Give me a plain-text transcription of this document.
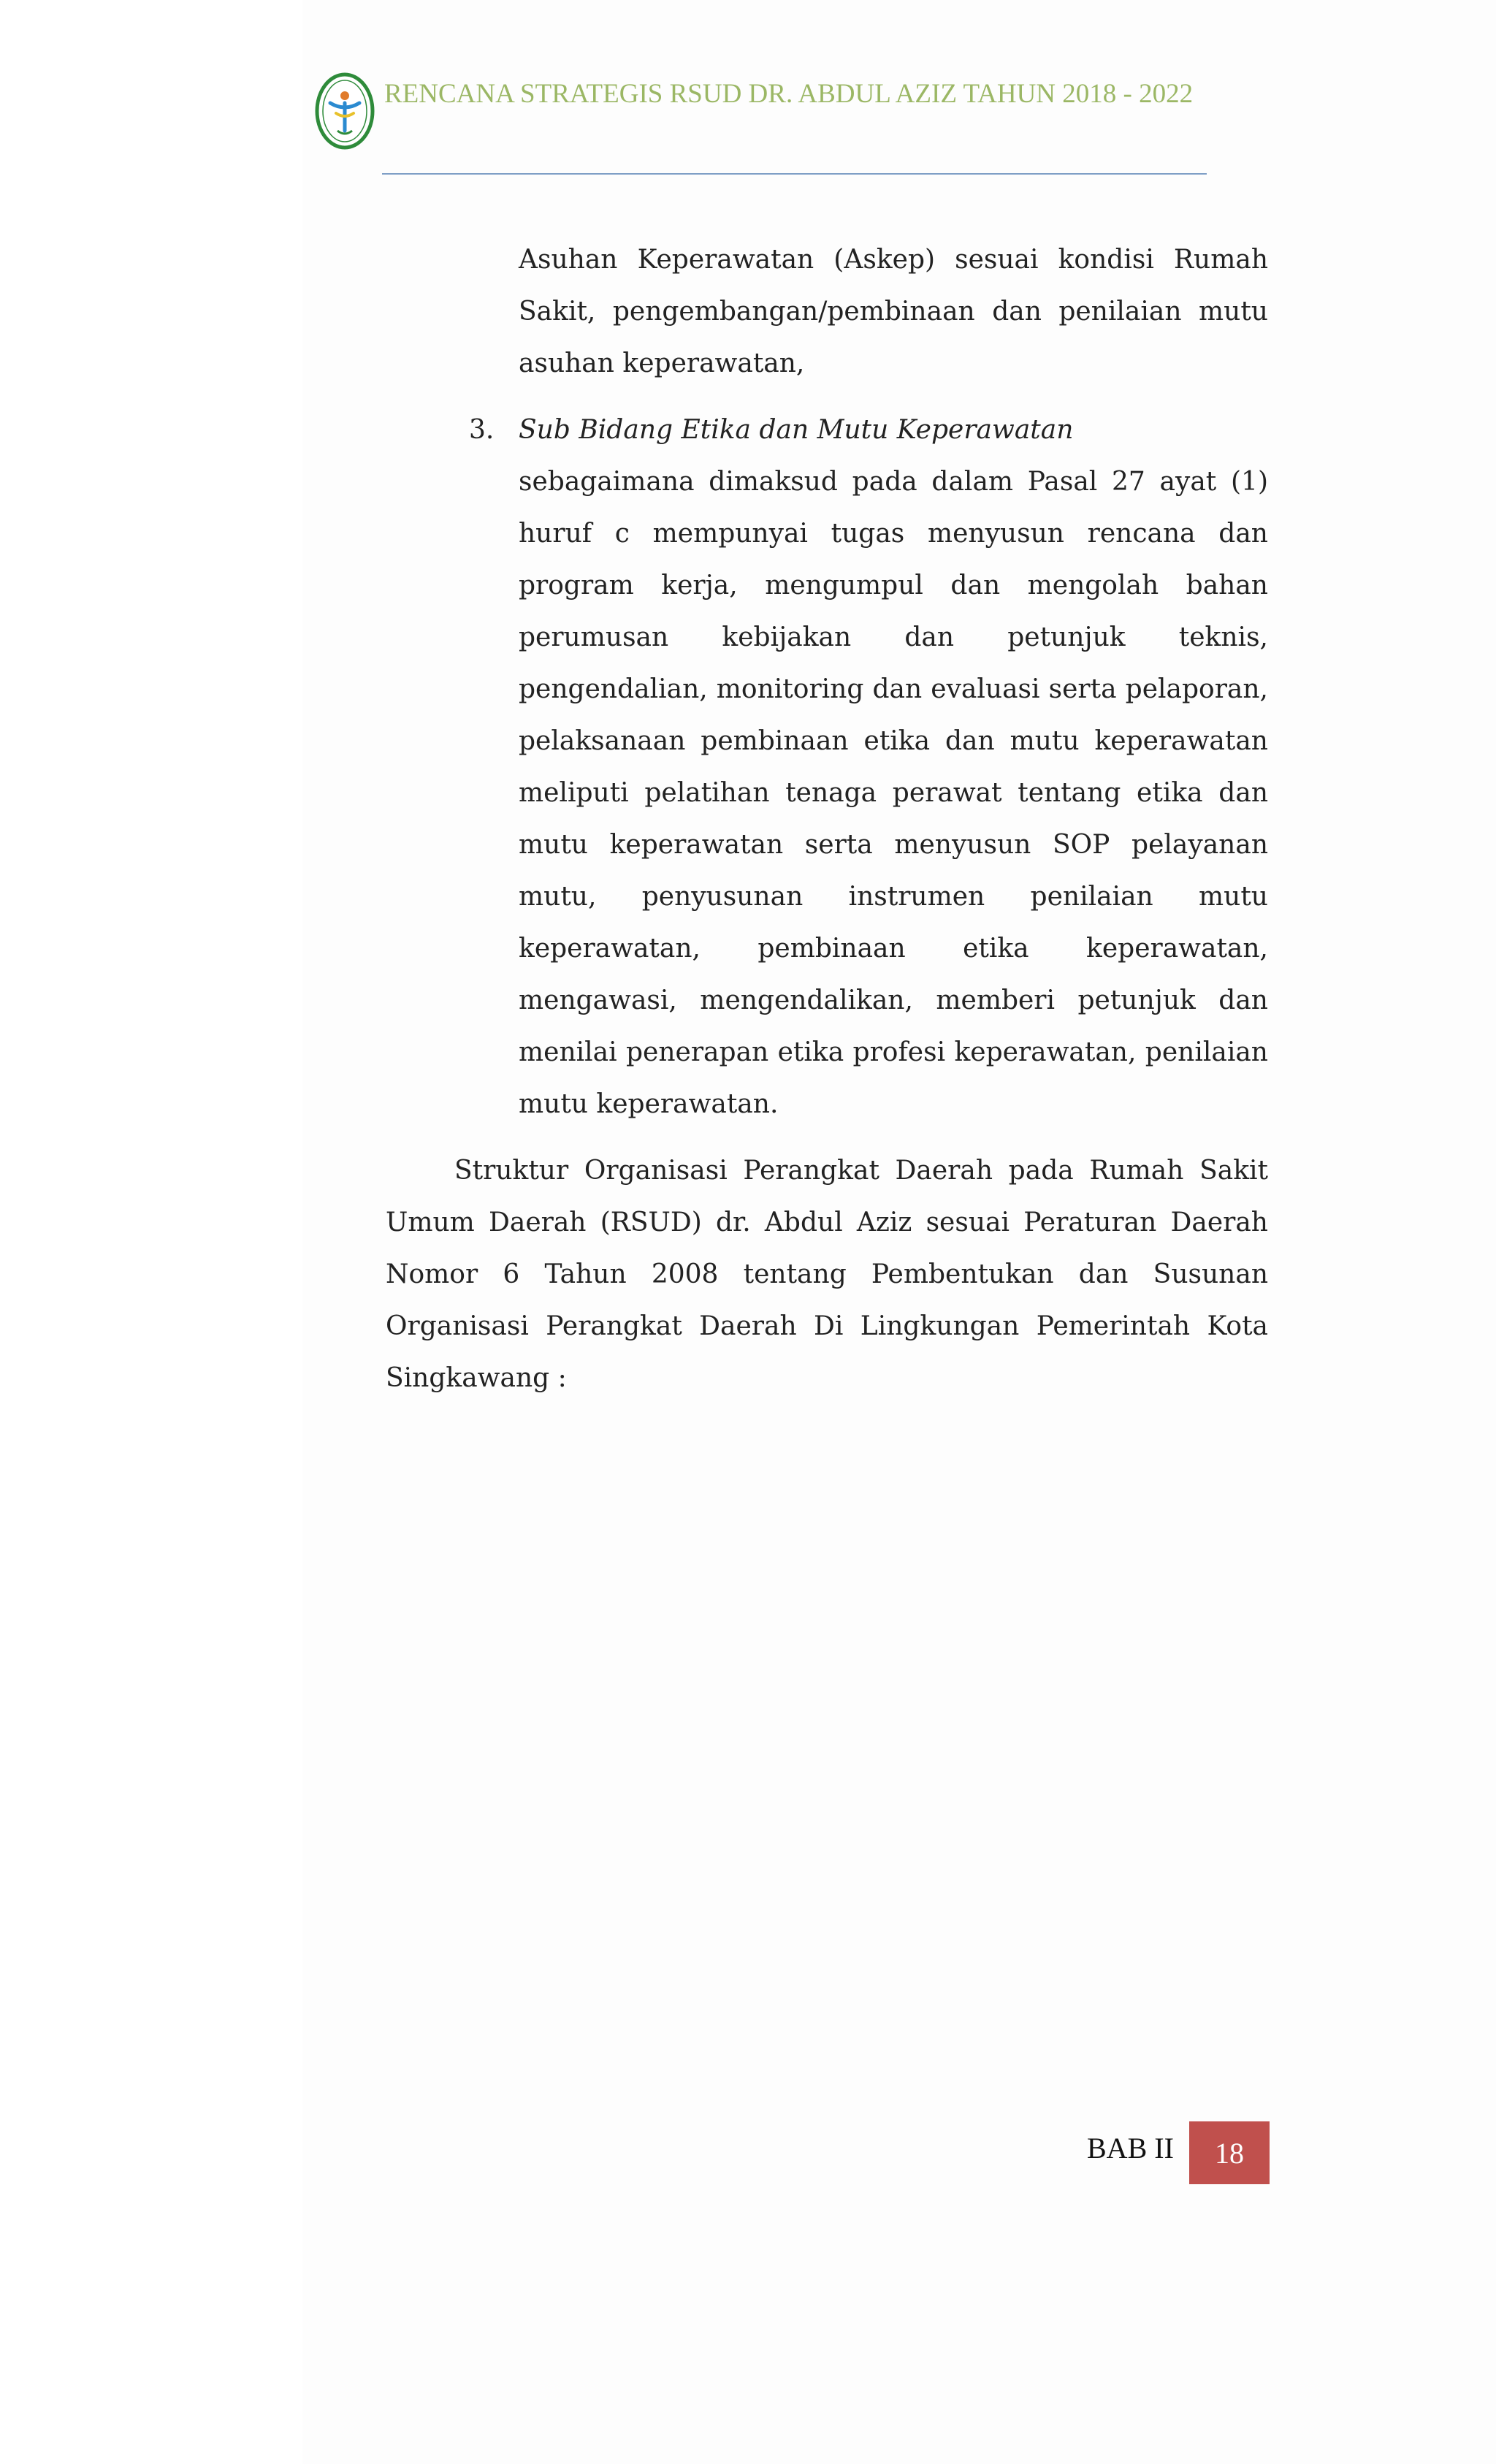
RENCANA STRATEGIS RSUD DR. ABDUL AZIZ TAHUN 2018 - 2022

Asuhan Keperawatan (Askep) sesuai kondisi Rumah Sakit, pengembangan/pembinaan dan penilaian mutu asuhan keperawatan,

3. Sub Bidang Etika dan Mutu Keperawatan
sebagaimana dimaksud pada dalam Pasal 27 ayat (1) huruf c mempunyai tugas menyusun rencana dan program kerja, mengumpul dan mengolah bahan perumusan kebijakan dan petunjuk teknis, pengendalian, monitoring dan evaluasi serta pelaporan, pelaksanaan pembinaan etika dan mutu keperawatan meliputi pelatihan tenaga perawat tentang etika dan mutu keperawatan serta menyusun SOP pelayanan mutu, penyusunan instrumen penilaian mutu keperawatan, pembinaan etika keperawatan, mengawasi, mengendalikan, memberi petunjuk dan menilai penerapan etika profesi keperawatan, penilaian mutu keperawatan.

Struktur Organisasi Perangkat Daerah pada Rumah Sakit Umum Daerah (RSUD) dr. Abdul Aziz sesuai Peraturan Daerah Nomor 6 Tahun 2008 tentang Pembentukan dan Susunan Organisasi Perangkat Daerah Di Lingkungan Pemerintah Kota Singkawang :

BAB II 18
